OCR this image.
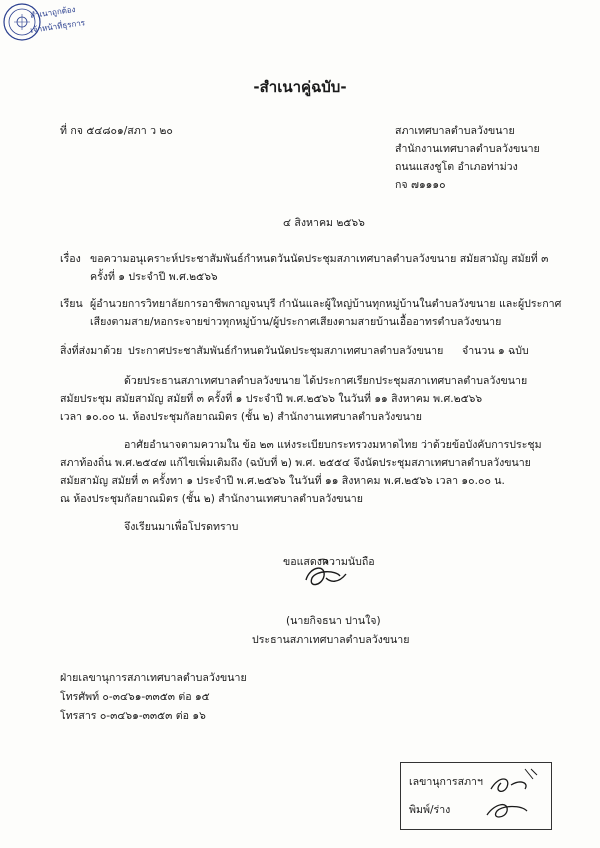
สำเนาถูกต้อง
เจ้าหน้าที่ธุรการ
-สำเนาคู่ฉบับ-
ที่ กจ ๕๔๘๐๑/สภา ว ๒๐	สภาเทศบาลตำบลวังขนาย
สำนักงานเทศบาลตำบลวังขนาย
ถนนแสงชูโต อำเภอท่าม่วง
กจ ๗๑๑๑๐
๔ สิงหาคม ๒๕๖๖
เรื่อง ขอความอนุเคราะห์ประชาสัมพันธ์กำหนดวันนัดประชุมสภาเทศบาลตำบลวังขนาย สมัยสามัญ สมัยที่ ๓
ครั้งที่ ๑ ประจำปี พ.ศ.๒๕๖๖
เรียน ผู้อำนวยการวิทยาลัยการอาชีพกาญจนบุรี กำนันและผู้ใหญ่บ้านทุกหมู่บ้านในตำบลวังขนาย และผู้ประกาศ
เสียงตามสาย/หอกระจายข่าวทุกหมู่บ้าน/ผู้ประกาศเสียงตามสายบ้านเอื้ออาทรตำบลวังขนาย
สิ่งที่ส่งมาด้วย ประกาศประชาสัมพันธ์กำหนดวันนัดประชุมสภาเทศบาลตำบลวังขนาย จำนวน ๑ ฉบับ
ด้วยประธานสภาเทศบาลตำบลวังขนาย ได้ประกาศเรียกประชุมสภาเทศบาลตำบลวังขนาย
สมัยประชุม สมัยสามัญ สมัยที่ ๓ ครั้งที่ ๑ ประจำปี พ.ศ.๒๕๖๖ ในวันที่ ๑๑ สิงหาคม พ.ศ.๒๕๖๖
เวลา ๑๐.๐๐ น. ห้องประชุมกัลยาณมิตร (ชั้น ๒) สำนักงานเทศบาลตำบลวังขนาย
อาศัยอำนาจตามความใน ข้อ ๒๓ แห่งระเบียบกระทรวงมหาดไทย ว่าด้วยข้อบังคับการประชุม
สภาท้องถิ่น พ.ศ.๒๕๔๗ แก้ไขเพิ่มเติมถึง (ฉบับที่ ๒) พ.ศ. ๒๕๕๔ จึงนัดประชุมสภาเทศบาลตำบลวังขนาย
สมัยสามัญ สมัยที่ ๓ ครั้งทา ๑ ประจำปี พ.ศ.๒๕๖๖ ในวันที่ ๑๑ สิงหาคม พ.ศ.๒๕๖๖ เวลา ๑๐.๐๐ น.
ณ ห้องประชุมกัลยาณมิตร (ชั้น ๒) สำนักงานเทศบาลตำบลวังขนาย
จึงเรียนมาเพื่อโปรดทราบ
ขอแสดงความนับถือ
(นายกิจธนา ปานใจ)
ประธานสภาเทศบาลตำบลวังขนาย
ฝ่ายเลขานุการสภาเทศบาลตำบลวังขนาย
โทรศัพท์ ๐-๓๔๖๑-๓๓๕๓ ต่อ ๑๕
โทรสาร ๐-๓๔๖๑-๓๓๕๓ ต่อ ๑๖
เลขานุการสภาฯ
พิมพ์/ร่าง
